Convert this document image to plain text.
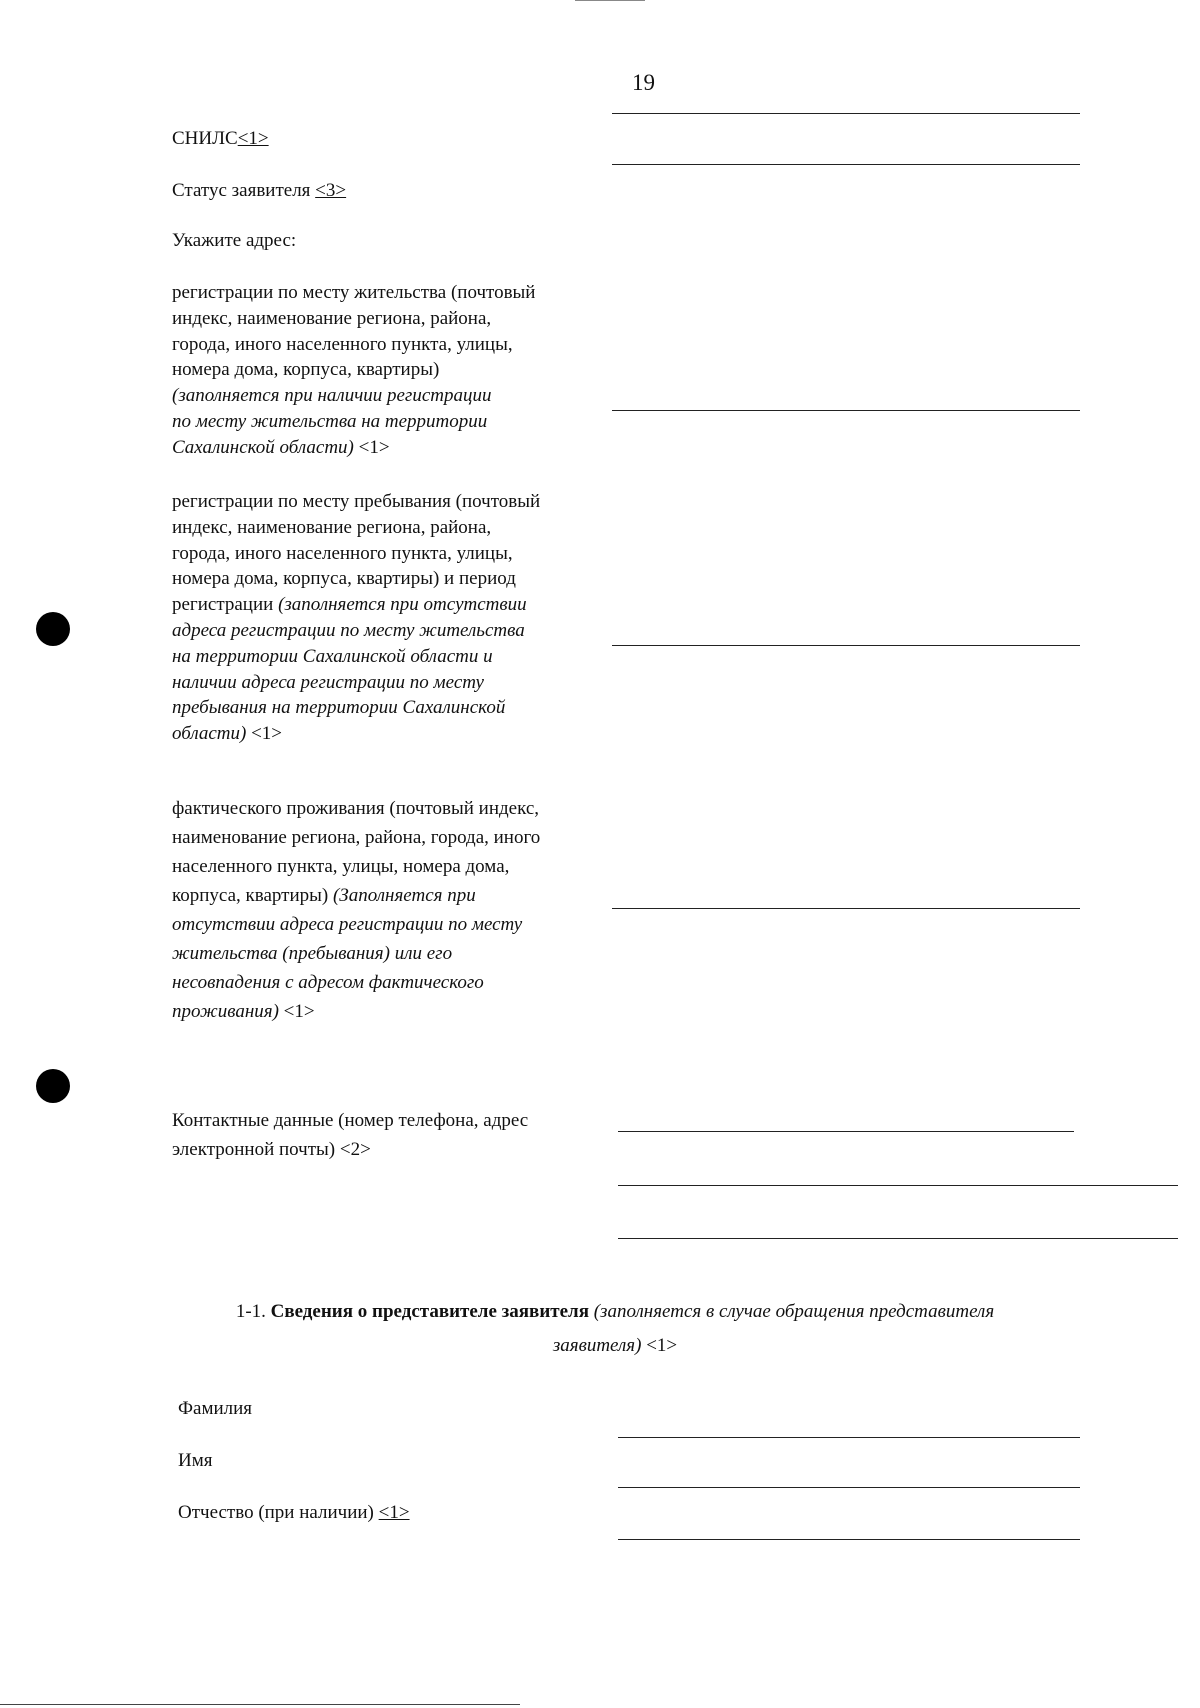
19
СНИЛС<1>
Статус заявителя <3>
Укажите адрес:
регистрации по месту жительства (почтовый
индекс, наименование региона, района,
города, иного населенного пункта, улицы,
номера дома, корпуса, квартиры)
(заполняется при наличии регистрации
по месту жительства на территории
Сахалинской области) <1>
регистрации по месту пребывания (почтовый
индекс, наименование региона, района,
города, иного населенного пункта, улицы,
номера дома, корпуса, квартиры) и период
регистрации (заполняется при отсутствии
адреса регистрации по месту жительства
на территории Сахалинской области и
наличии адреса регистрации по месту
пребывания на территории Сахалинской
области) <1>
фактического проживания (почтовый индекс,
наименование региона, района, города, иного
населенного пункта, улицы, номера дома,
корпуса, квартиры) (Заполняется при
отсутствии адреса регистрации по месту
жительства (пребывания) или его
несовпадения с адресом фактического
проживания) <1>
Контактные данные (номер телефона, адрес
электронной почты) <2>
1-1. Сведения о представителе заявителя (заполняется в случае обращения представителя
заявителя) <1>
Фамилия
Имя
Отчество (при наличии) <1>
